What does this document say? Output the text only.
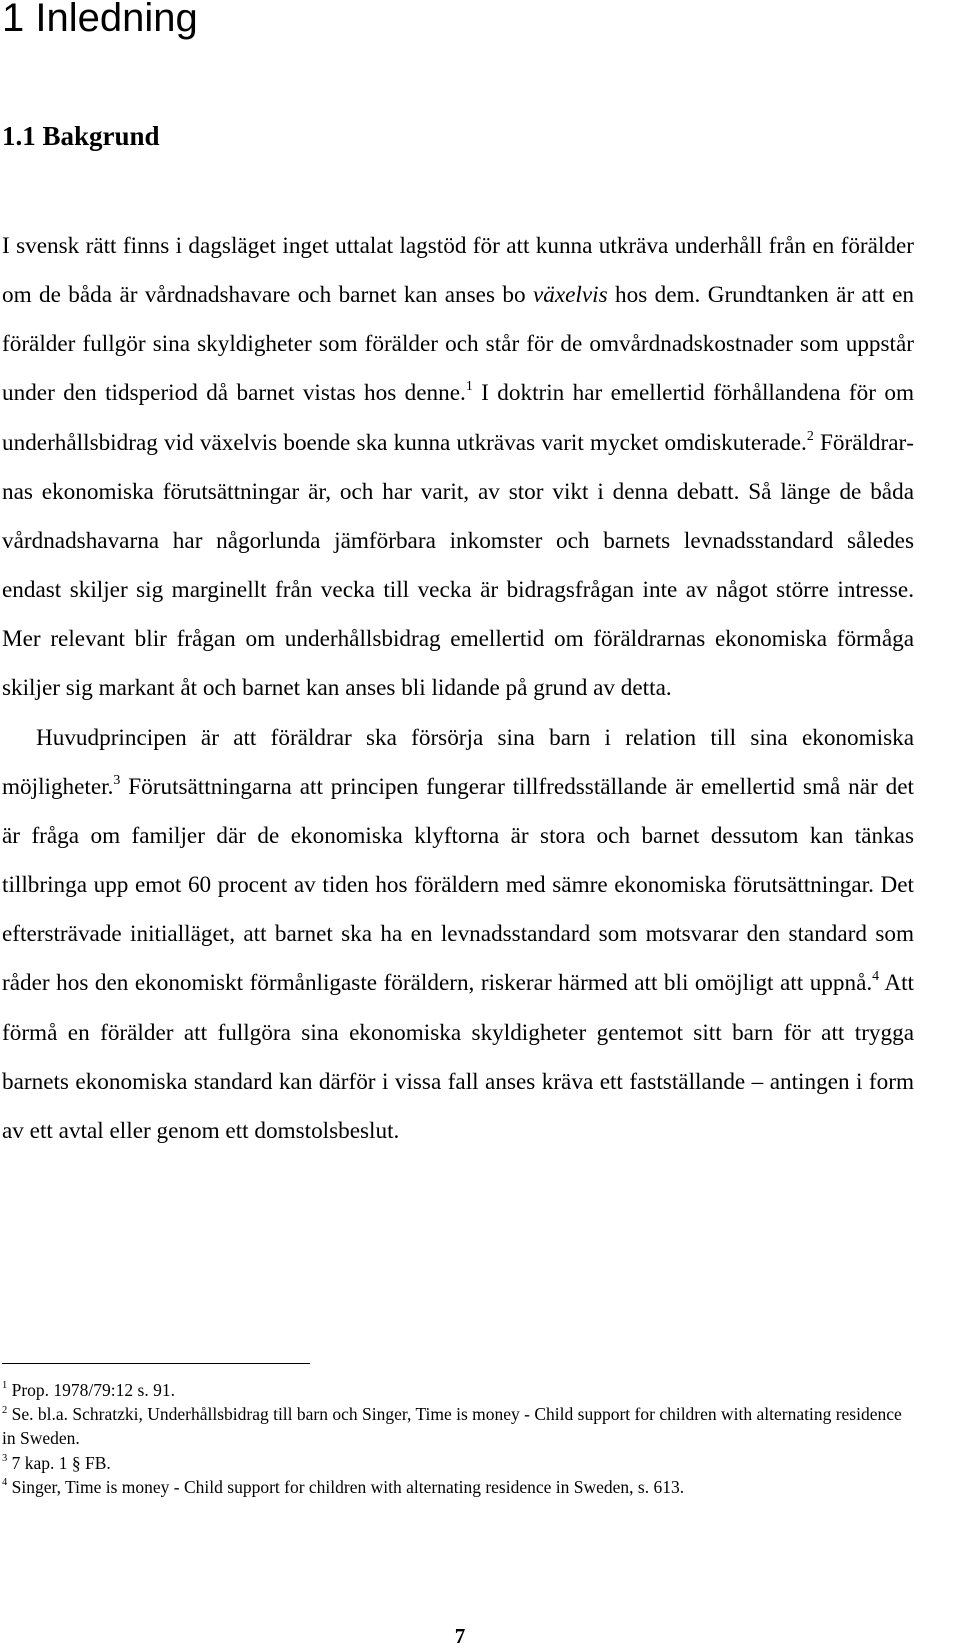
1 Inledning
1.1 Bakgrund

I svensk rätt finns i dagsläget inget uttalat lagstöd för att kunna utkräva underhåll från en förälder om de båda är vårdnadshavare och barnet kan anses bo växelvis hos dem. Grundtanken är att en förälder fullgör sina skyldigheter som förälder och står för de omvårdnadskostnader som uppstår under den tidsperiod då barnet vistas hos denne.$^1$ I doktrin har emellertid förhållandena för om underhållsbidrag vid växelvis boende ska kunna utkrävas varit mycket omdiskuterade.$^2$ Föräldrarnas ekonomiska förutsättningar är, och har varit, av stor vikt i denna debatt. Så länge de båda vårdnadshavarna har någorlunda jämförbara inkomster och barnets levnadsstandard således endast skiljer sig marginellt från vecka till vecka är bidragsfrågan inte av något större intresse. Mer relevant blir frågan om underhållsbidrag emellertid om föräldrarnas ekonomiska förmåga skiljer sig markant åt och barnet kan anses bli lidande på grund av detta.

Huvudprincipen är att föräldrar ska försörja sina barn i relation till sina ekonomiska möjligheter.$^3$ Förutsättningarna att principen fungerar tillfredsställande är emellertid små när det är fråga om familjer där de ekonomiska klyftorna är stora och barnet dessutom kan tänkas tillbringa upp emot 60 procent av tiden hos föräldern med sämre ekonomiska förutsättningar. Det eftersträvade initialläget, att barnet ska ha en levnadsstandard som motsvarar den standard som råder hos den ekonomiskt förmånligaste föräldern, riskerar härmed att bli omöjligt att uppnå.$^4$ Att förmå en förälder att fullgöra sina ekonomiska skyldigheter gentemot sitt barn för att trygga barnets ekonomiska standard kan därför i vissa fall anses kräva ett fastställande – antingen i form av ett avtal eller genom ett domstolsbeslut.

$^1$ Prop. 1978/79:12 s. 91.
$^2$ Se. bl.a. Schratzki, Underhållsbidrag till barn och Singer, Time is money - Child support for children with alternating residence in Sweden.
$^3$ 7 kap. 1 § FB.
$^4$ Singer, Time is money - Child support for children with alternating residence in Sweden, s. 613.
7
